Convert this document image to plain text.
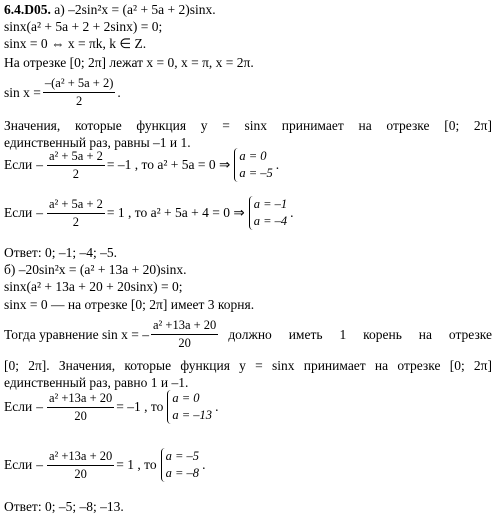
6.4.D05. а) –2sin²x = (a² + 5a + 2)sinx.
sinx(a² + 5a + 2 + 2sinx) = 0;
sinx = 0 ⇔ x = πk, k ∈ Z.
На отрезке [0; 2π] лежат x = 0, x = π, x = 2π.
$\sin x = \frac{\text{–(a² + 5a + 2)}}{2}$ .
Значения, которые функция y = sinx принимает на отрезке [0; 2π]
единственный раз, равны –1 и 1.
Если – $\frac{\text{a² + 5a + 2}}{2} = -1$ , то a² + 5a = 0 ⇒
a = 0
a = –5
.
Если – $\frac{\text{a² + 5a + 2}}{2} = 1$ , то a² + 5a + 4 = 0 ⇒
a = –1
a = –4
.
Ответ: 0; –1; –4; –5.
б) –20sin²x = (a² + 13a + 20)sinx.
sinx(a² + 13a + 20 + 20sinx) = 0;
sinx = 0 — на отрезке [0; 2π] имеет 3 корня.
Тогда уравнение sin x = – $\frac{\text{a² +13a + 20}}{20}$ должно иметь 1 корень на отрезке
[0; 2π]. Значения, которые функция y = sinx принимает на отрезке [0; 2π]
единственный раз, равно 1 и –1.
Если – $\frac{\text{a² +13a + 20}}{20} = -1$ , то
a = 0
a = –13
.
Если – $\frac{\text{a² +13a + 20}}{20} = 1$ , то
a = –5
a = –8
.
Ответ: 0; –5; –8; –13.
